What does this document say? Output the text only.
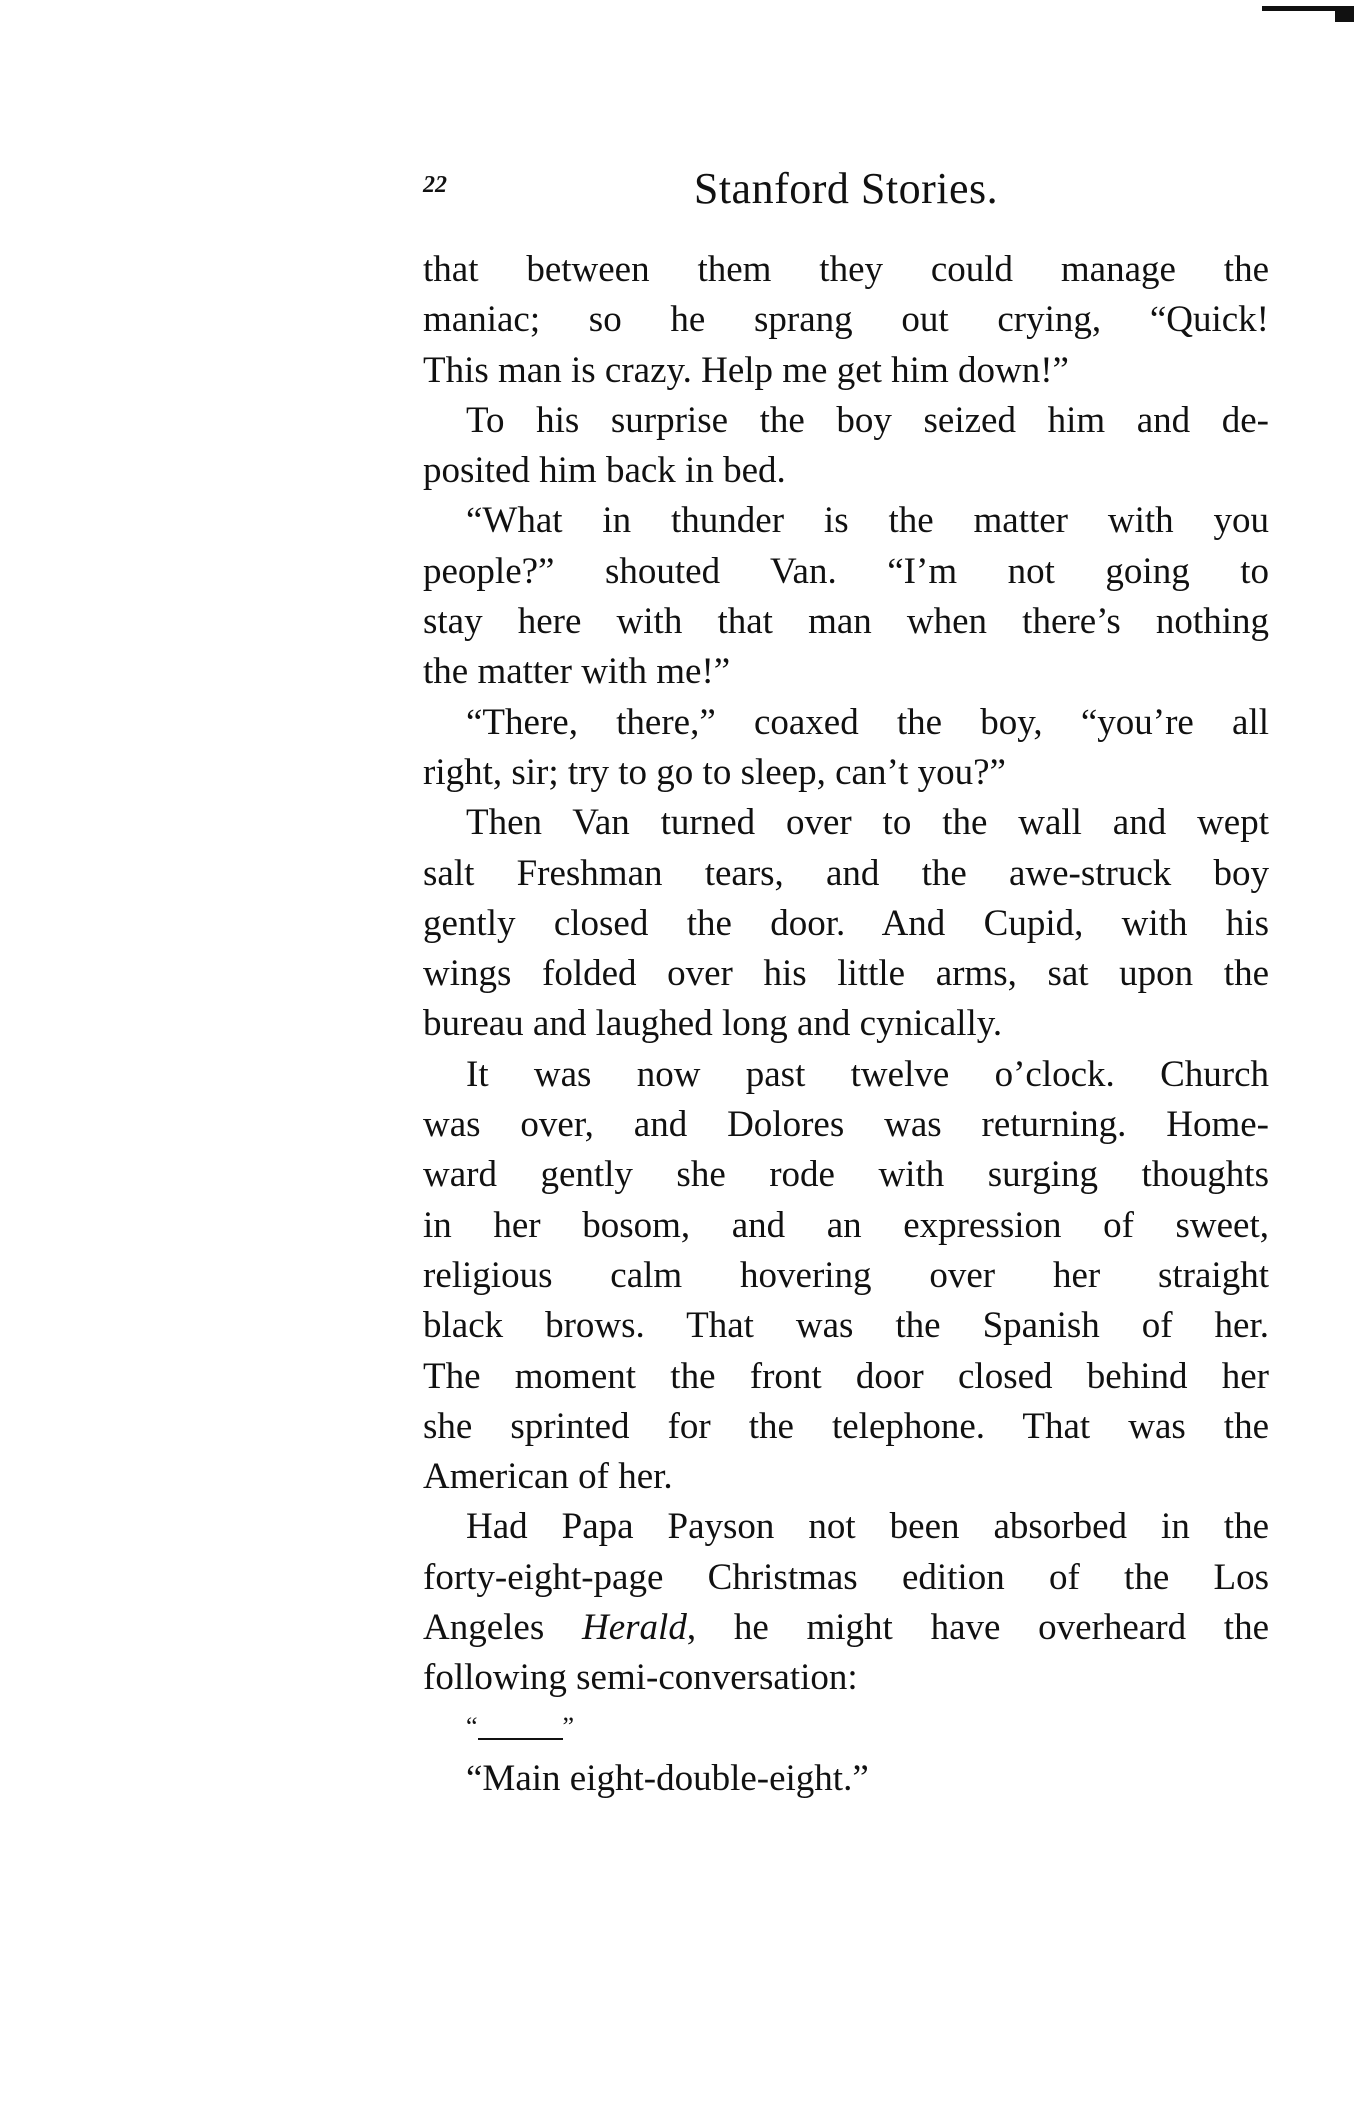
22	Stanford Stories.
that between them they could manage the
maniac; so he sprang out crying, “Quick!
This man is crazy. Help me get him down!”
To his surprise the boy seized him and de-
posited him back in bed.
“What in thunder is the matter with you
people?” shouted Van. “I’m not going to
stay here with that man when there’s nothing
the matter with me!”
“There, there,” coaxed the boy, “you’re all
right, sir; try to go to sleep, can’t you?”
Then Van turned over to the wall and wept
salt Freshman tears, and the awe-struck boy
gently closed the door. And Cupid, with his
wings folded over his little arms, sat upon the
bureau and laughed long and cynically.
It was now past twelve o’clock. Church
was over, and Dolores was returning. Home-
ward gently she rode with surging thoughts
in her bosom, and an expression of sweet,
religious calm hovering over her straight
black brows. That was the Spanish of her.
The moment the front door closed behind her
she sprinted for the telephone. That was the
American of her.
Had Papa Payson not been absorbed in the
forty-eight-page Christmas edition of the Los
Angeles Herald, he might have overheard the
following semi-conversation:
“	”
“Main eight-double-eight.”
